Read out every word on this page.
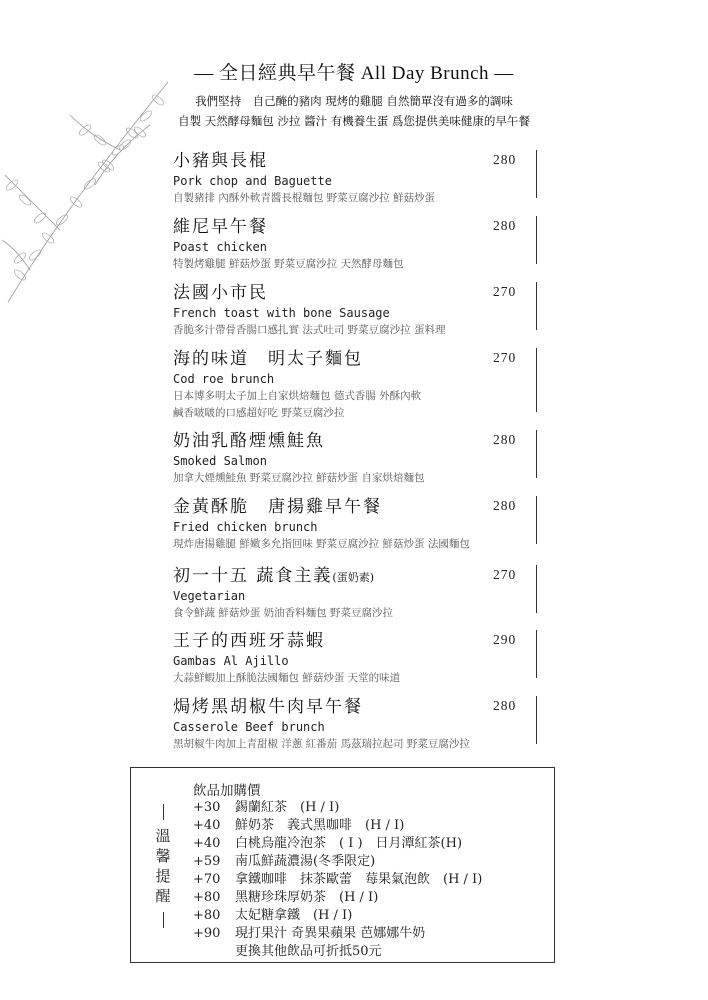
— 全日經典早午餐 All Day Brunch —
我們堅持　自己醃的豬肉 現烤的雞腿 自然簡單沒有過多的調味
自製 天然酵母麵包 沙拉 醬汁 有機養生蛋 爲您提供美味健康的早午餐
小豬與長棍
Pork chop and Baguette
自製豬排 內酥外軟青醬長棍麵包 野菜豆腐沙拉 鮮菇炒蛋
280
維尼早午餐
Poast chicken
特製烤雞腿 鮮菇炒蛋 野菜豆腐沙拉 天然酵母麵包
280
法國小市民
French toast with bone Sausage
香脆多汁帶骨香腸口感扎實 法式吐司 野菜豆腐沙拉 蛋料理
270
海的味道　明太子麵包
Cod roe brunch
日本博多明太子加上自家烘焙麵包 德式香腸 外酥內軟
鹹香啵啵的口感超好吃 野菜豆腐沙拉
270
奶油乳酪煙燻鮭魚
Smoked Salmon
加拿大煙燻鮭魚 野菜豆腐沙拉 鮮菇炒蛋 自家烘焙麵包
280
金黃酥脆　唐揚雞早午餐
Fried chicken brunch
現炸唐揚雞腿 鮮嫩多允指回味 野菜豆腐沙拉 鮮菇炒蛋 法國麵包
280
初一十五 蔬食主義(蛋奶素)
Vegetarian
食令鮮蔬 鮮菇炒蛋 奶油香料麵包 野菜豆腐沙拉
270
王子的西班牙蒜蝦
Gambas Al Ajillo
大蒜鮮蝦加上酥脆法國麵包 鮮菇炒蛋 天堂的味道
290
焗烤黑胡椒牛肉早午餐
Casserole Beef brunch
黑胡椒牛肉加上青甜椒 洋蔥 紅番茄 馬茲瑞拉起司 野菜豆腐沙拉
280
溫
馨
提
醒
飲品加購價
+30 錫蘭紅茶　(H / I)
+40 鮮奶茶　義式黑咖啡　(H / I)
+40 白桃烏龍冷泡茶　( I )　日月潭紅茶(H)
+59 南瓜鮮蔬濃湯(冬季限定)
+70 拿鐵咖啡　抹茶歐蕾　莓果氣泡飲　(H / I)
+80 黑糖珍珠厚奶茶　(H / I)
+80 太妃糖拿鐵　(H / I)
+90 現打果汁 奇異果蘋果 芭娜娜牛奶
更換其他飲品可折抵50元
